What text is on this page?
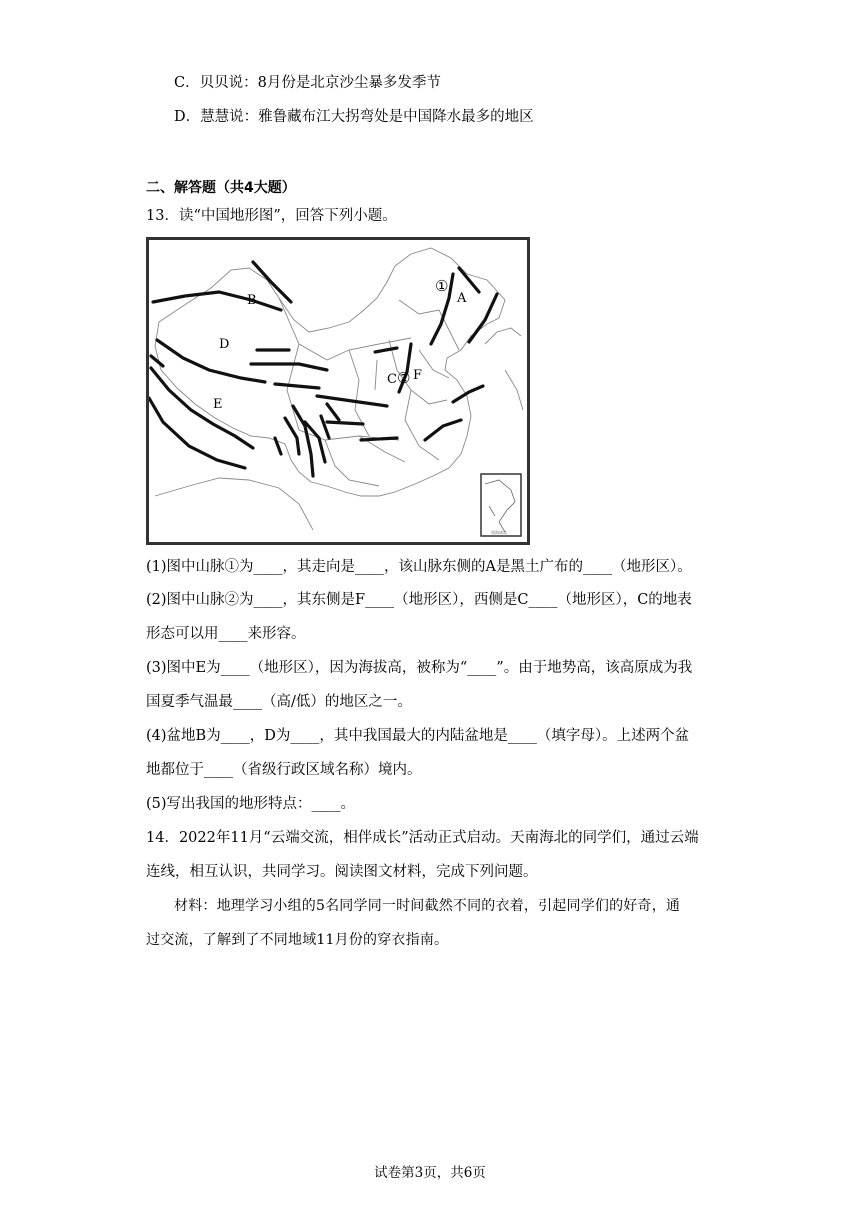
C．贝贝说：8月份是北京沙尘暴多发季节
D．慧慧说：雅鲁藏布江大拐弯处是中国降水最多的地区
二、解答题（共4大题）
13．读“中国地形图”，回答下列小题。
A
B
C
D
E
F
①
②
南海诸岛
(1)图中山脉①为____，其走向是____，该山脉东侧的A是黑土广布的____（地形区）。
(2)图中山脉②为____，其东侧是F____（地形区），西侧是C____（地形区），C的地表
形态可以用____来形容。
(3)图中E为____（地形区），因为海拔高，被称为“____”。由于地势高，该高原成为我
国夏季气温最____（高/低）的地区之一。
(4)盆地B为____，D为____，其中我国最大的内陆盆地是____（填字母）。上述两个盆
地都位于____（省级行政区域名称）境内。
(5)写出我国的地形特点：____。
14．2022年11月“云端交流，相伴成长”活动正式启动。天南海北的同学们，通过云端
连线，相互认识，共同学习。阅读图文材料，完成下列问题。
材料：地理学习小组的5名同学同一时间截然不同的衣着，引起同学们的好奇，通
过交流，了解到了不同地域11月份的穿衣指南。
试卷第3页，共6页
